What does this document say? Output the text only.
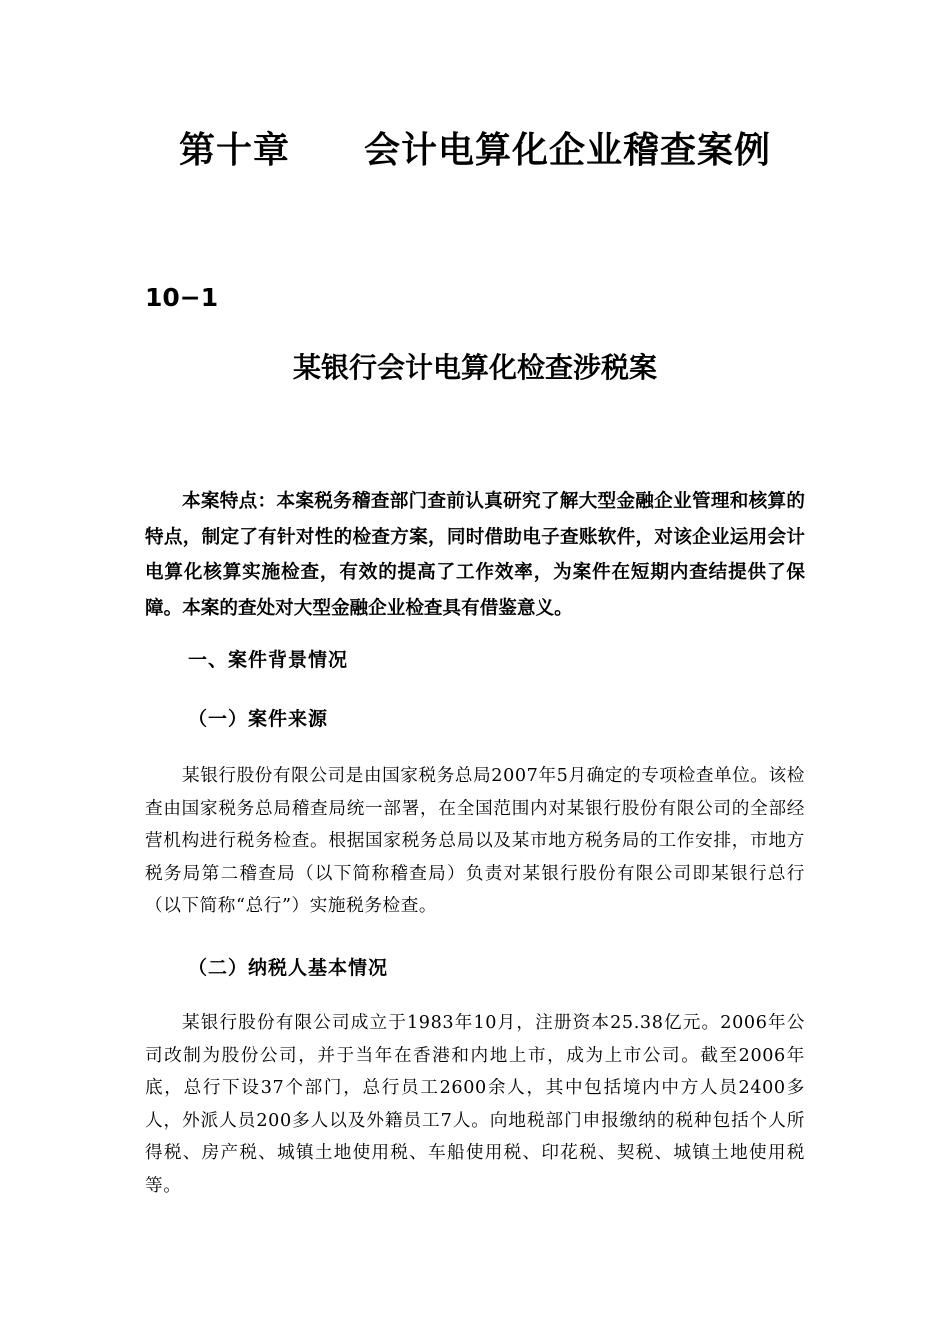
第十章 会计电算化企业稽查案例
10−1
某银行会计电算化检查涉税案

本案特点：本案税务稽查部门查前认真研究了解大型金融企业管理和核算的特点，制定了有针对性的检查方案，同时借助电子查账软件，对该企业运用会计电算化核算实施检查，有效的提高了工作效率，为案件在短期内查结提供了保障。本案的查处对大型金融企业检查具有借鉴意义。

一、案件背景情况
（一）案件来源

某银行股份有限公司是由国家税务总局2007年5月确定的专项检查单位。该检查由国家税务总局稽查局统一部署，在全国范围内对某银行股份有限公司的全部经营机构进行税务检查。根据国家税务总局以及某市地方税务局的工作安排，市地方税务局第二稽查局（以下简称稽查局）负责对某银行股份有限公司即某银行总行（以下简称“总行”）实施税务检查。

（二）纳税人基本情况

某银行股份有限公司成立于1983年10月，注册资本25.38亿元。2006年公司改制为股份公司，并于当年在香港和内地上市，成为上市公司。截至2006年底，总行下设37个部门，总行员工2600余人，其中包括境内中方人员2400多人，外派人员200多人以及外籍员工7人。向地税部门申报缴纳的税种包括个人所得税、房产税、城镇土地使用税、车船使用税、印花税、契税、城镇土地使用税等。
